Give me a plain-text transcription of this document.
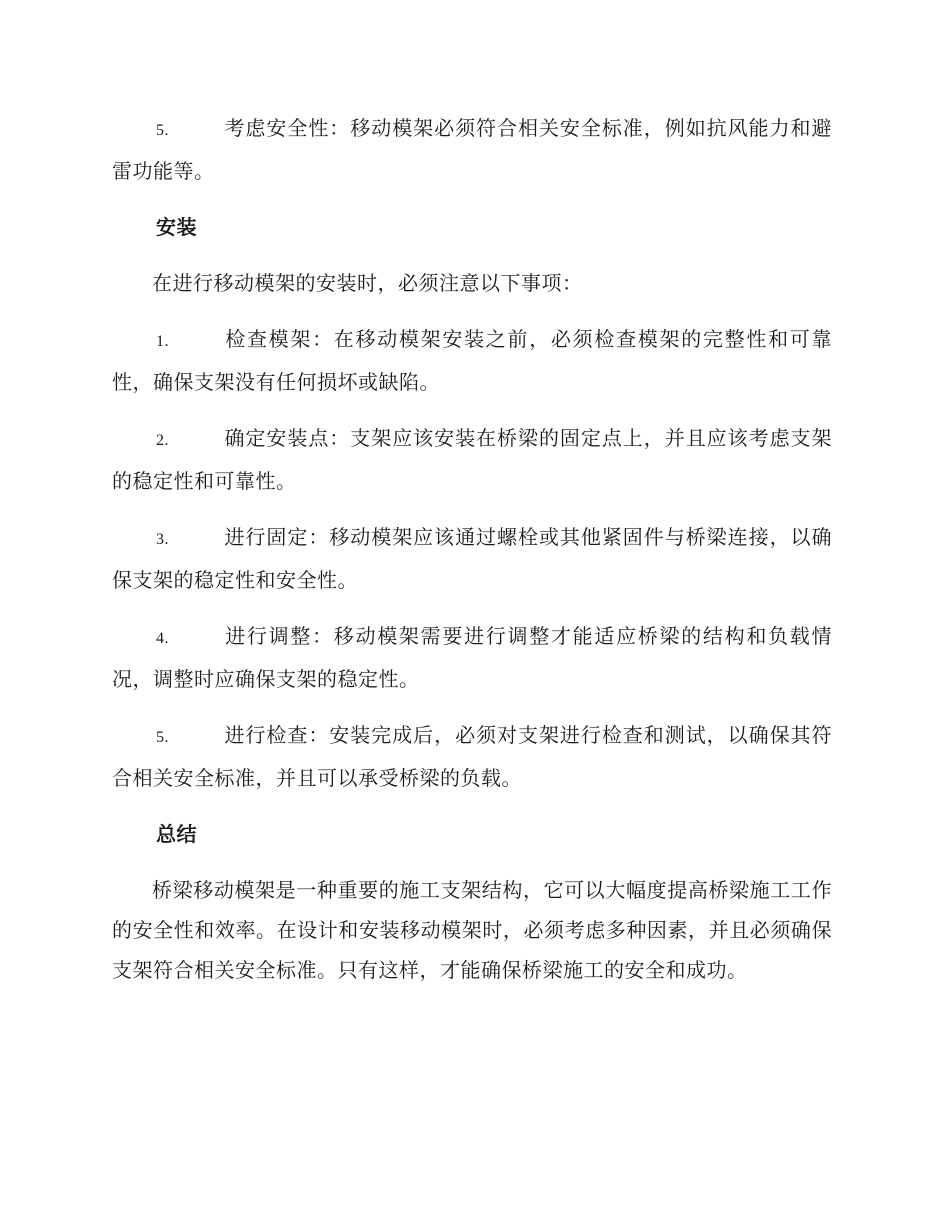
5.	考虑安全性：移动模架必须符合相关安全标准，例如抗风能力和避雷功能等。

安装

在进行移动模架的安装时，必须注意以下事项：

1.	检查模架：在移动模架安装之前，必须检查模架的完整性和可靠性，确保支架没有任何损坏或缺陷。

2.	确定安装点：支架应该安装在桥梁的固定点上，并且应该考虑支架的稳定性和可靠性。

3.	进行固定：移动模架应该通过螺栓或其他紧固件与桥梁连接，以确保支架的稳定性和安全性。

4.	进行调整：移动模架需要进行调整才能适应桥梁的结构和负载情况，调整时应确保支架的稳定性。

5.	进行检查：安装完成后，必须对支架进行检查和测试，以确保其符合相关安全标准，并且可以承受桥梁的负载。

总结

桥梁移动模架是一种重要的施工支架结构，它可以大幅度提高桥梁施工工作的安全性和效率。在设计和安装移动模架时，必须考虑多种因素，并且必须确保支架符合相关安全标准。只有这样，才能确保桥梁施工的安全和成功。
